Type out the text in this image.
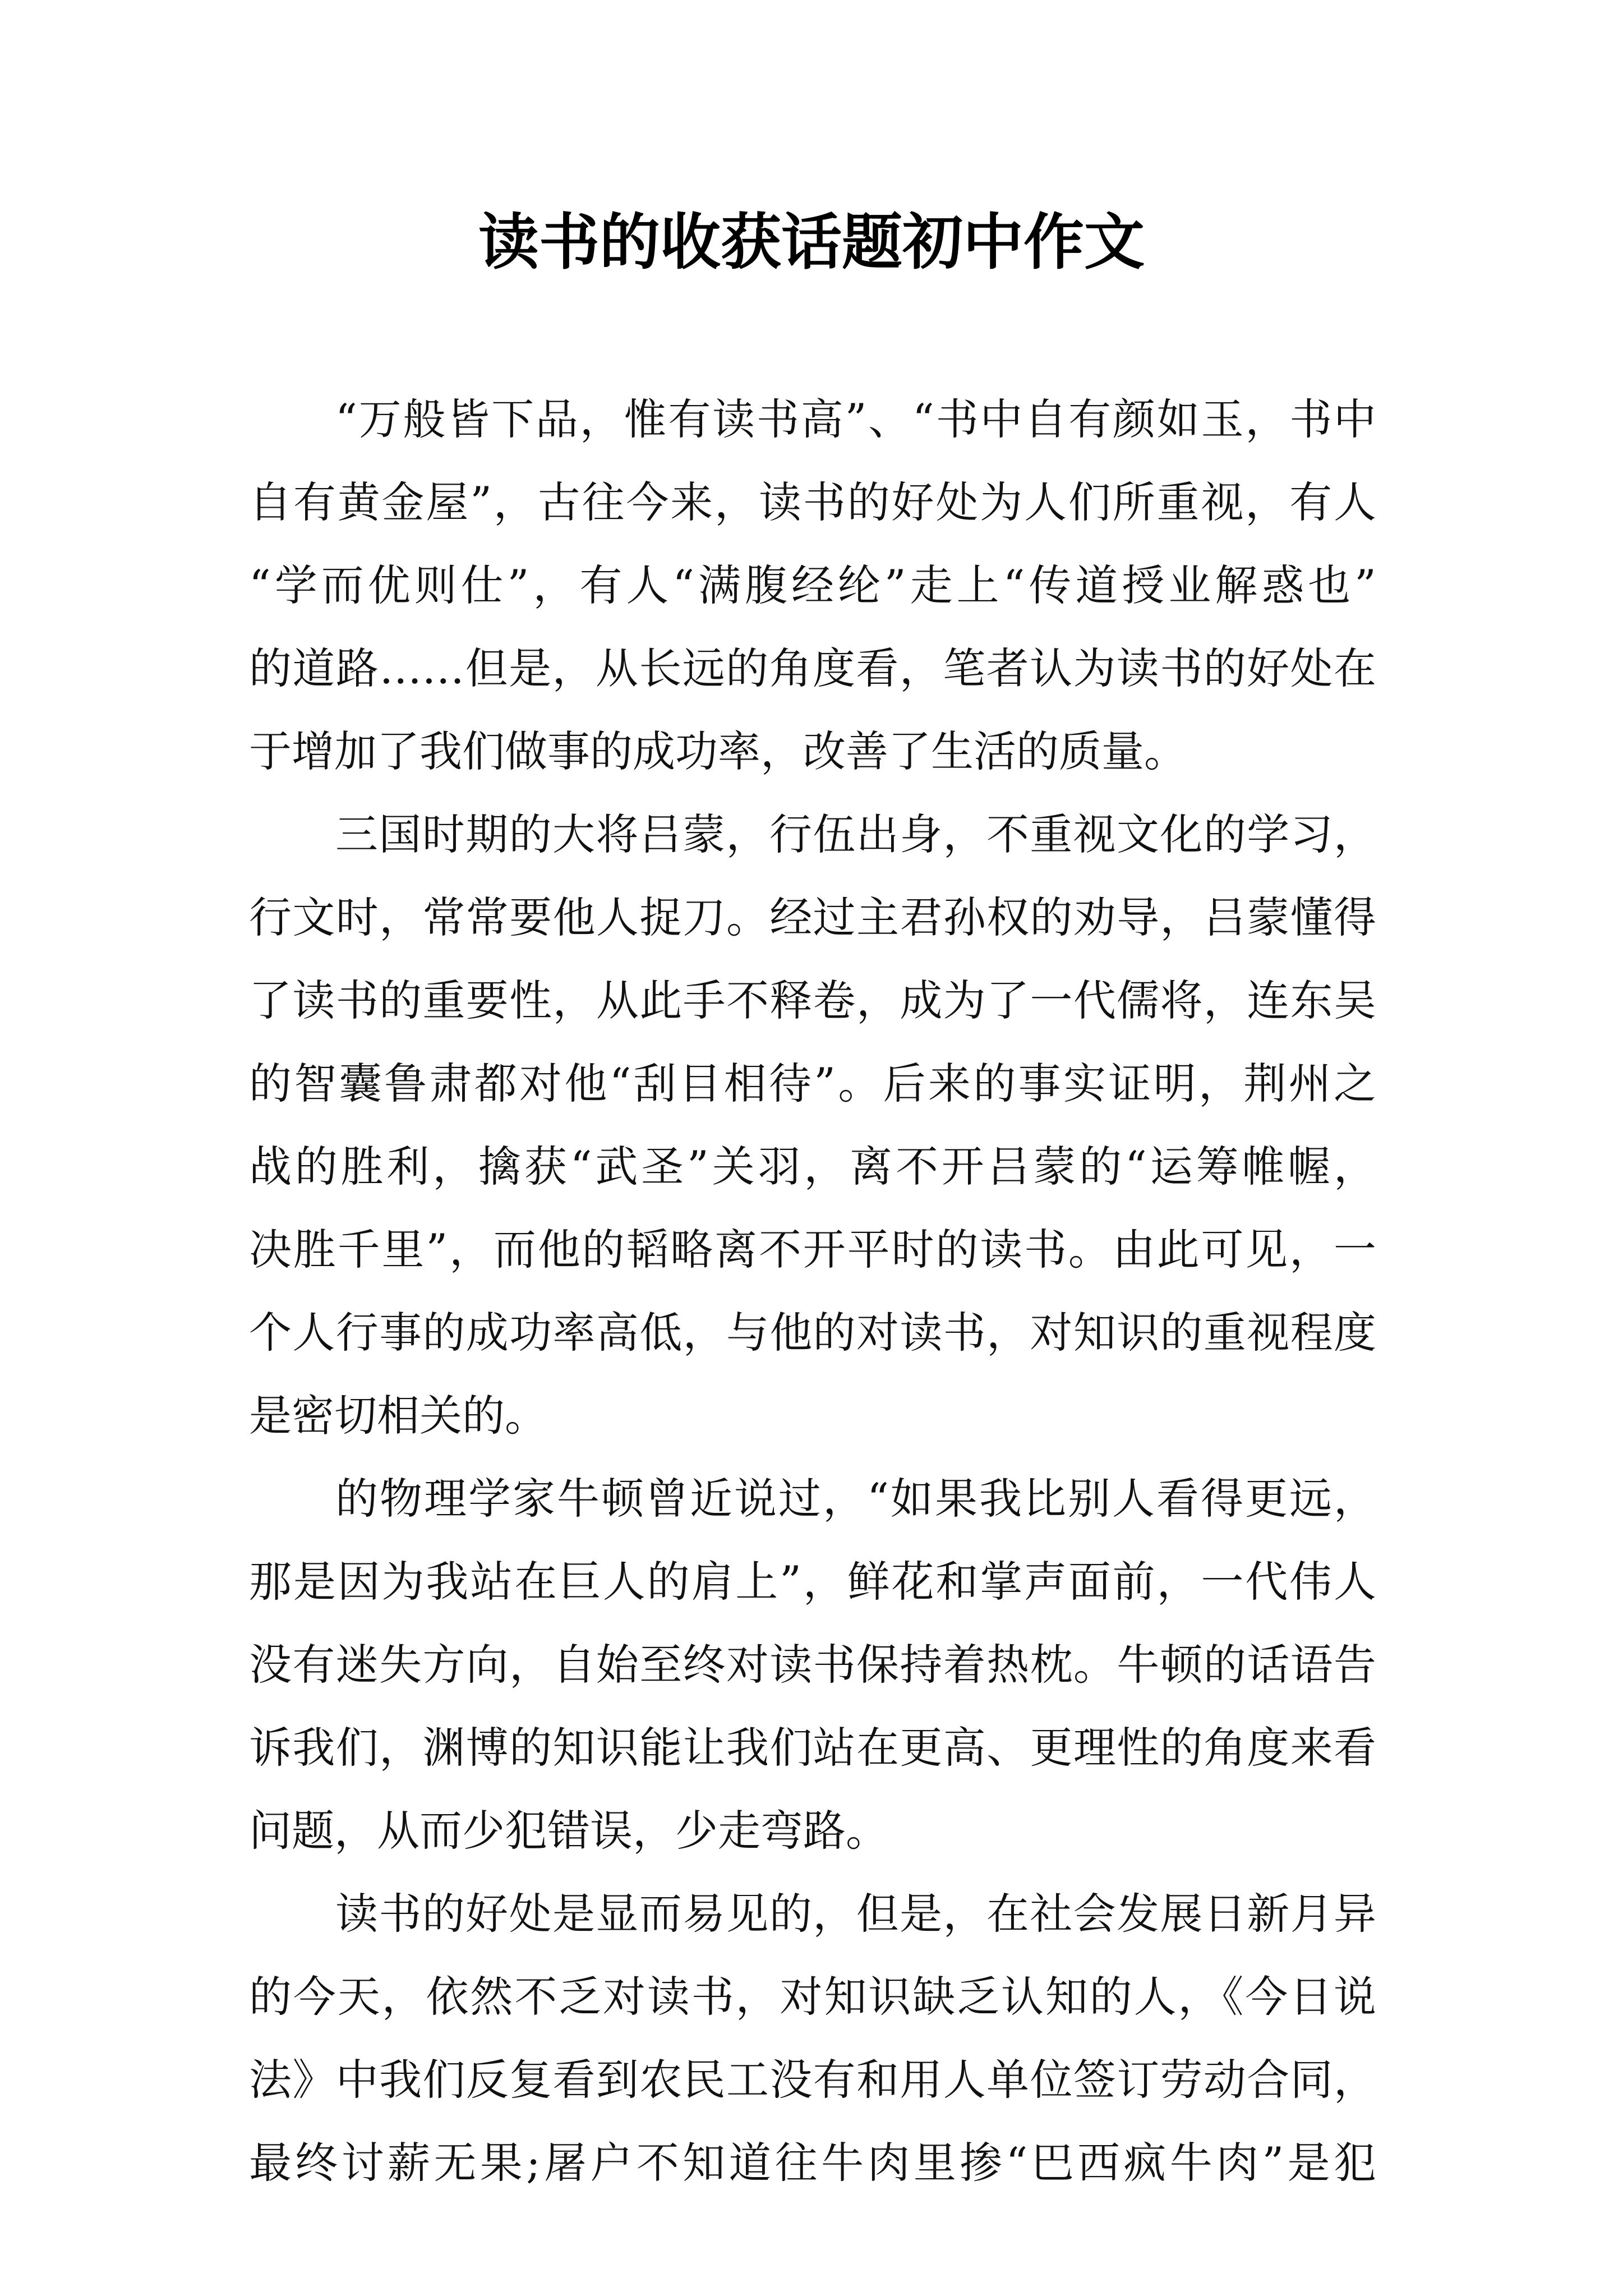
读书的收获话题初中作文

“万般皆下品，惟有读书高”、“书中自有颜如玉，书中
自有黄金屋”，古往今来，读书的好处为人们所重视，有人
“学而优则仕”，有人“满腹经纶”走上“传道授业解惑也”
的道路……但是，从长远的角度看，笔者认为读书的好处在
于增加了我们做事的成功率，改善了生活的质量。

三国时期的大将吕蒙，行伍出身，不重视文化的学习，
行文时，常常要他人捉刀。经过主君孙权的劝导，吕蒙懂得
了读书的重要性，从此手不释卷，成为了一代儒将，连东吴
的智囊鲁肃都对他“刮目相待”。后来的事实证明，荆州之
战的胜利，擒获“武圣”关羽，离不开吕蒙的“运筹帷幄，
决胜千里”，而他的韬略离不开平时的读书。由此可见，一
个人行事的成功率高低，与他的对读书，对知识的重视程度
是密切相关的。

的物理学家牛顿曾近说过，“如果我比别人看得更远，
那是因为我站在巨人的肩上”，鲜花和掌声面前，一代伟人
没有迷失方向，自始至终对读书保持着热枕。牛顿的话语告
诉我们，渊博的知识能让我们站在更高、更理性的角度来看
问题，从而少犯错误，少走弯路。

读书的好处是显而易见的，但是，在社会发展日新月异
的今天，依然不乏对读书，对知识缺乏认知的人，《今日说
法》中我们反复看到农民工没有和用人单位签订劳动合同，
最终讨薪无果;屠户不知道往牛肉里掺“巴西疯牛肉”是犯
